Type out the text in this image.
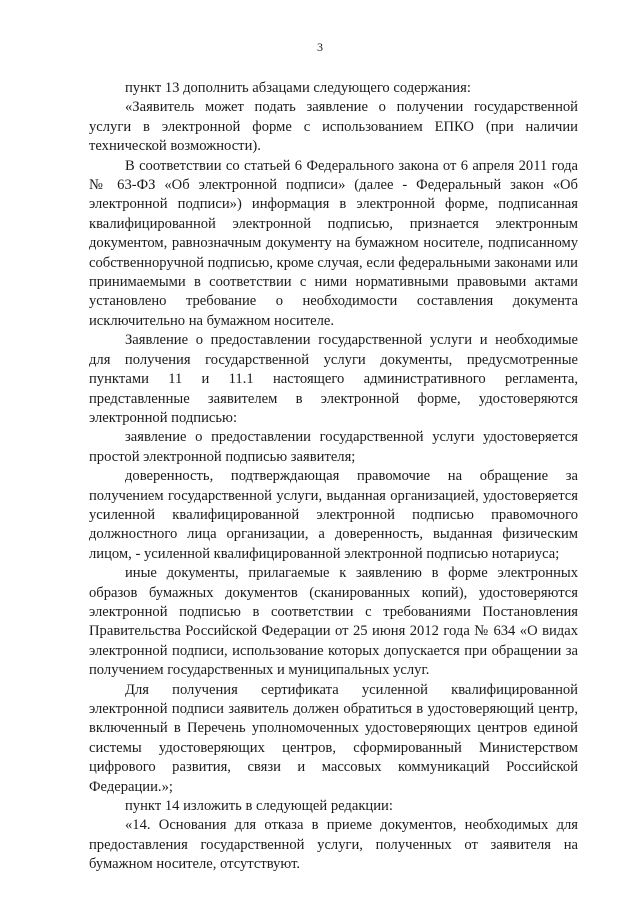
3

пункт 13 дополнить абзацами следующего содержания:

«Заявитель может подать заявление о получении государственной услуги в электронной форме с использованием ЕПКО (при наличии технической возможности).

В соответствии со статьей 6 Федерального закона от 6 апреля 2011 года № 63-ФЗ «Об электронной подписи» (далее - Федеральный закон «Об электронной подписи») информация в электронной форме, подписанная квалифицированной электронной подписью, признается электронным документом, равнозначным документу на бумажном носителе, подписанному собственноручной подписью, кроме случая, если федеральными законами или принимаемыми в соответствии с ними нормативными правовыми актами установлено требование о необходимости составления документа исключительно на бумажном носителе.

Заявление о предоставлении государственной услуги и необходимые для получения государственной услуги документы, предусмотренные пунктами 11 и 11.1 настоящего административного регламента, представленные заявителем в электронной форме, удостоверяются электронной подписью:

заявление о предоставлении государственной услуги удостоверяется простой электронной подписью заявителя;

доверенность, подтверждающая правомочие на обращение за получением государственной услуги, выданная организацией, удостоверяется усиленной квалифицированной электронной подписью правомочного должностного лица организации, а доверенность, выданная физическим лицом, - усиленной квалифицированной электронной подписью нотариуса;

иные документы, прилагаемые к заявлению в форме электронных образов бумажных документов (сканированных копий), удостоверяются электронной подписью в соответствии с требованиями Постановления Правительства Российской Федерации от 25 июня 2012 года № 634 «О видах электронной подписи, использование которых допускается при обращении за получением государственных и муниципальных услуг.

Для получения сертификата усиленной квалифицированной электронной подписи заявитель должен обратиться в удостоверяющий центр, включенный в Перечень уполномоченных удостоверяющих центров единой системы удостоверяющих центров, сформированный Министерством цифрового развития, связи и массовых коммуникаций Российской Федерации.»;

пункт 14 изложить в следующей редакции:

«14. Основания для отказа в приеме документов, необходимых для предоставления государственной услуги, полученных от заявителя на бумажном носителе, отсутствуют.
